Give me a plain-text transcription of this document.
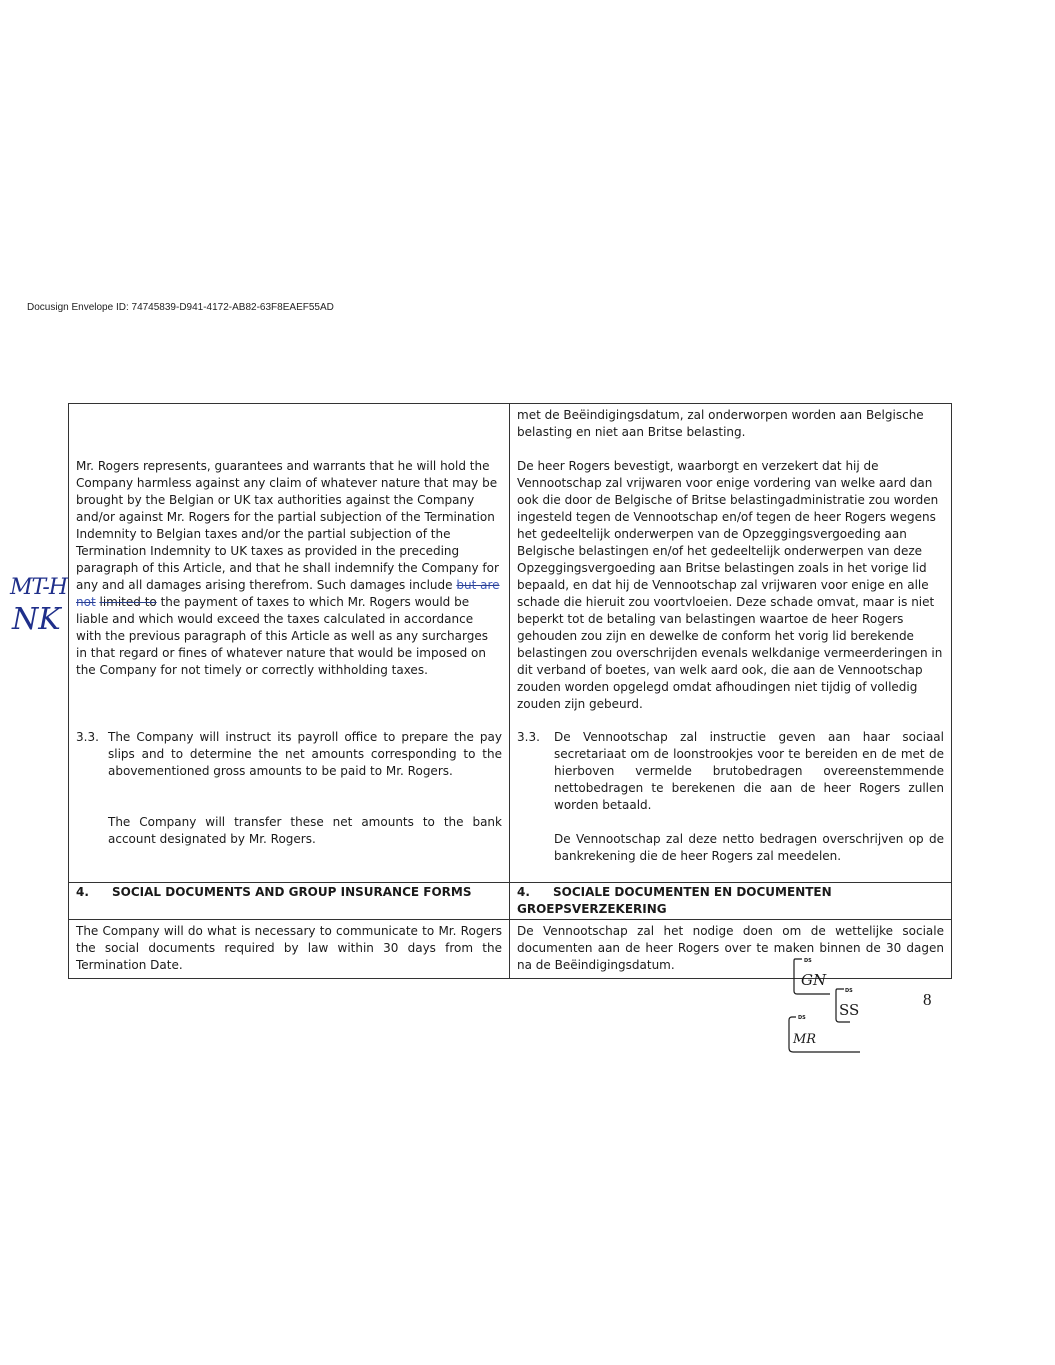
Docusign Envelope ID: 74745839-D941-4172-AB82-63F8EAEF55AD
Mr. Rogers represents, guarantees and warrants that he will hold the Company harmless against any claim of whatever nature that may be brought by the Belgian or UK tax authorities against the Company and/or against Mr. Rogers for the partial subjection of the Termination Indemnity to Belgian taxes and/or the partial subjection of the Termination Indemnity to UK taxes as provided in the preceding paragraph of this Article, and that he shall indemnify the Company for any and all damages arising therefrom. Such damages include but are not limited to the payment of taxes to which Mr. Rogers would be liable and which would exceed the taxes calculated in accordance with the previous paragraph of this Article as well as any surcharges in that regard or fines of whatever nature that would be imposed on the Company for not timely or correctly withholding taxes.
3.3. The Company will instruct its payroll office to prepare the pay slips and to determine the net amounts corresponding to the abovementioned gross amounts to be paid to Mr. Rogers.
The Company will transfer these net amounts to the bank account designated by Mr. Rogers.
met de Beëindigingsdatum, zal onderworpen worden aan Belgische belasting en niet aan Britse belasting.
De heer Rogers bevestigt, waarborgt en verzekert dat hij de Vennootschap zal vrijwaren voor enige vordering van welke aard dan ook die door de Belgische of Britse belastingadministratie zou worden ingesteld tegen de Vennootschap en/of tegen de heer Rogers wegens het gedeeltelijk onderwerpen van de Opzeggingsvergoeding aan Belgische belastingen en/of het gedeeltelijk onderwerpen van deze Opzeggingsvergoeding aan Britse belastingen zoals in het vorige lid bepaald, en dat hij de Vennootschap zal vrijwaren voor enige en alle schade die hieruit zou voortvloeien. Deze schade omvat, maar is niet beperkt tot de betaling van belastingen waartoe de heer Rogers gehouden zou zijn en dewelke de conform het vorig lid berekende belastingen zou overschrijden evenals welkdanige vermeerderingen in dit verband of boetes, van welk aard ook, die aan de Vennootschap zouden worden opgelegd omdat afhoudingen niet tijdig of volledig zouden zijn gebeurd.
3.3.	De Vennootschap zal instructie geven aan haar sociaal secretariaat om de loonstrookjes voor te bereiden en de met de hierboven vermelde brutobedragen overeenstemmende nettobedragen te berekenen die aan de heer Rogers zullen worden betaald.
De Vennootschap zal deze netto bedragen overschrijven op de bankrekening die de heer Rogers zal meedelen.
4. SOCIAL DOCUMENTS AND GROUP INSURANCE FORMS	4. SOCIALE DOCUMENTEN EN DOCUMENTEN GROEPSVERZEKERING
The Company will do what is necessary to communicate to Mr. Rogers the social documents required by law within 30 days from the Termination Date.
De Vennootschap zal het nodige doen om de wettelijke sociale documenten aan de heer Rogers over te maken binnen de 30 dagen na de Beëindigingsdatum.
MT-H
NK
DS
DS
DS
GN
SS
MR
8
